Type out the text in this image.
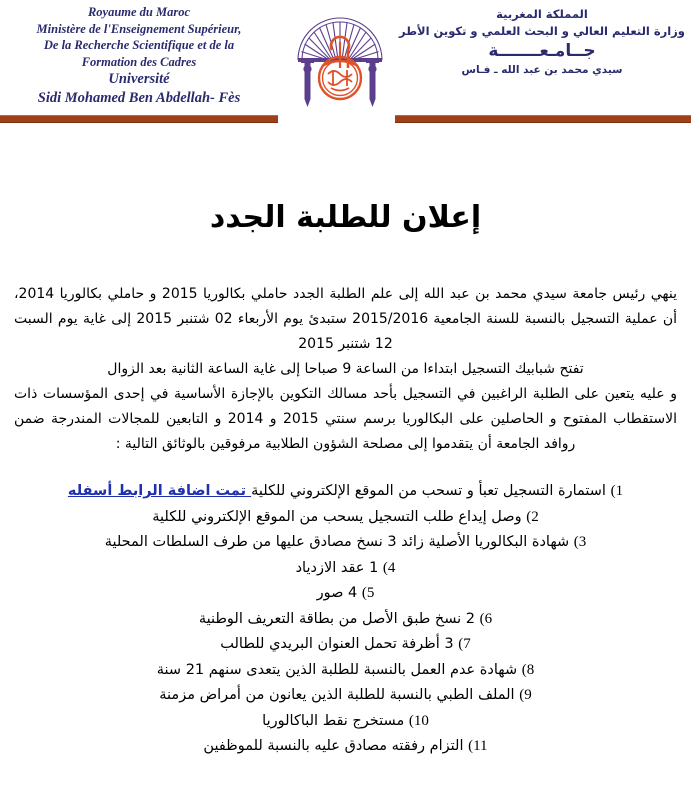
Royaume du Maroc
Ministère de l'Enseignement Supérieur,
De la Recherche Scientifique et de la
Formation des Cadres
Université
Sidi Mohamed Ben Abdellah- Fès
المملكة المغربية
وزارة التعليم العالي و البحث العلمي و تكوين الأطر
جــامـعـــــــة
سيدي محمد بن عبد الله ـ فـاس
إعلان للطلبة الجدد
ينهي رئيس جامعة سيدي محمد بن عبد الله إلى علم الطلبة الجدد حاملي بكالوريا 2015 و حاملي بكالوريا 2014،
أن عملية التسجيل بالنسبة للسنة الجامعية 2015/2016 ستبدئ يوم الأربعاء 02 شتنبر 2015 إلى غاية يوم السبت
12 شتنبر 2015
تفتح شبابيك التسجيل ابتداءا من الساعة 9 صباحا إلى غاية الساعة الثانية بعد الزوال
و عليه يتعين على الطلبة الراغبين في التسجيل بأحد مسالك التكوين بالإجازة الأساسية في إحدى المؤسسات ذات
الاستقطاب المفتوح و الحاصلين على البكالوريا برسم سنتي 2015 و 2014 و التابعين للمجالات المندرجة ضمن
روافد الجامعة أن يتقدموا إلى مصلحة الشؤون الطلابية مرفوقين بالوثائق التالية :
1) استمارة التسجيل تعبأ و تسحب من الموقع الإلكتروني للكلية تمت اضافة الرابط أسفله
2) وصل إيداع طلب التسجيل يسحب من الموقع الإلكتروني للكلية
3) شهادة البكالوريا الأصلية زائد 3 نسخ مصادق عليها من طرف السلطات المحلية
4) 1 عقد الازدياد
5) 4 صور
6) 2 نسخ طبق الأصل من بطاقة التعريف الوطنية
7) 3 أظرفة تحمل العنوان البريدي للطالب
8) شهادة عدم العمل بالنسبة للطلبة الذين يتعدى سنهم 21 سنة
9) الملف الطبي بالنسبة للطلبة الذين يعانون من أمراض مزمنة
10) مستخرج نقط الباكالوريا
11) التزام رفقته مصادق عليه بالنسبة للموظفين
